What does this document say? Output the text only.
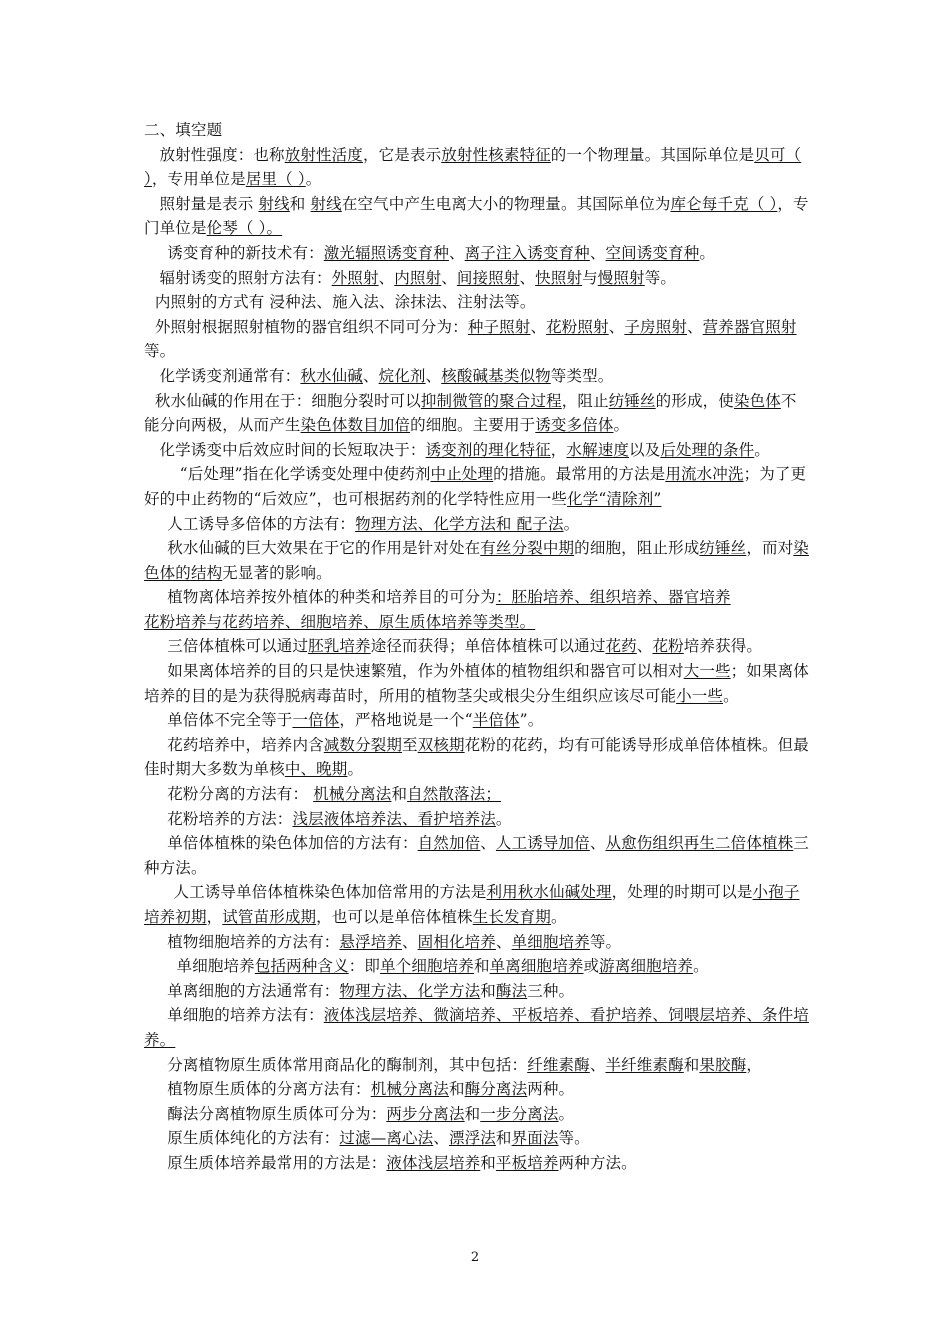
二、填空题

放射性强度：也称放射性活度，它是表示放射性核素特征的一个物理量。其国际单位是贝可（ ），专用单位是居里（ ）。

照射量是表示 射线和 射线在空气中产生电离大小的物理量。其国际单位为库仑每千克（ ），专门单位是伦琴（ ）。

诱变育种的新技术有：激光辐照诱变育种、离子注入诱变育种、空间诱变育种。

辐射诱变的照射方法有：外照射、内照射、间接照射、快照射与慢照射等。

内照射的方式有 浸种法、施入法、涂抹法、注射法等。

外照射根据照射植物的器官组织不同可分为：种子照射、花粉照射、子房照射、营养器官照射等。

化学诱变剂通常有：秋水仙碱、烷化剂、核酸碱基类似物等类型。

秋水仙碱的作用在于：细胞分裂时可以抑制微管的聚合过程，阻止纺锤丝的形成，使染色体不能分向两极，从而产生染色体数目加倍的细胞。主要用于诱变多倍体。

化学诱变中后效应时间的长短取决于：诱变剂的理化特征，水解速度以及后处理的条件。

“后处理”指在化学诱变处理中使药剂中止处理的措施。最常用的方法是用流水冲洗；为了更好的中止药物的“后效应”，也可根据药剂的化学特性应用一些化学“清除剂”

人工诱导多倍体的方法有：物理方法、化学方法和 配子法。

秋水仙碱的巨大效果在于它的作用是针对处在有丝分裂中期的细胞，阻止形成纺锤丝，而对染色体的结构无显著的影响。

植物离体培养按外植体的种类和培养目的可分为：胚胎培养、组织培养、器官培养

花粉培养与花药培养、细胞培养、原生质体培养等类型。

三倍体植株可以通过胚乳培养途径而获得；单倍体植株可以通过花药、花粉培养获得。

如果离体培养的目的只是快速繁殖，作为外植体的植物组织和器官可以相对大一些；如果离体培养的目的是为获得脱病毒苗时，所用的植物茎尖或根尖分生组织应该尽可能小一些。

单倍体不完全等于一倍体，严格地说是一个“半倍体”。

花药培养中，培养内含减数分裂期至双核期花粉的花药，均有可能诱导形成单倍体植株。但最佳时期大多数为单核中、晚期。

花粉分离的方法有： 机械分离法和自然散落法；

花粉培养的方法：浅层液体培养法、看护培养法。

单倍体植株的染色体加倍的方法有：自然加倍、人工诱导加倍、从愈伤组织再生二倍体植株三种方法。

人工诱导单倍体植株染色体加倍常用的方法是利用秋水仙碱处理，处理的时期可以是小孢子培养初期，试管苗形成期，也可以是单倍体植株生长发育期。

植物细胞培养的方法有：悬浮培养、固相化培养、单细胞培养等。

单细胞培养包括两种含义：即单个细胞培养和单离细胞培养或游离细胞培养。

单离细胞的方法通常有：物理方法、化学方法和酶法三种。

单细胞的培养方法有：液体浅层培养、微滴培养、平板培养、看护培养、饲喂层培养、条件培养。

分离植物原生质体常用商品化的酶制剂，其中包括：纤维素酶、半纤维素酶和果胶酶，

植物原生质体的分离方法有：机械分离法和酶分离法两种。

酶法分离植物原生质体可分为：两步分离法和一步分离法。

原生质体纯化的方法有：过滤—离心法、漂浮法和界面法等。

原生质体培养最常用的方法是：液体浅层培养和平板培养两种方法。

2
